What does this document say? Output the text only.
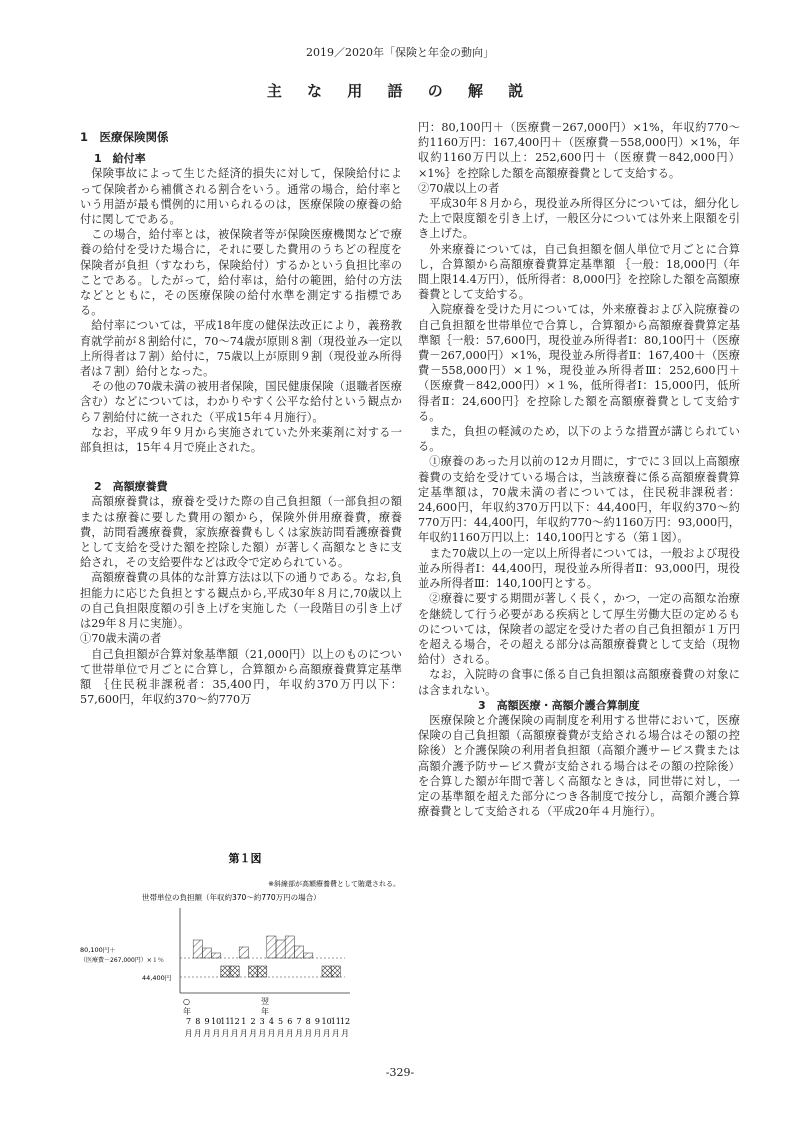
2019／2020年「保険と年金の動向」
主 な 用 語 の 解 説
1　医療保険関係
1　給付率

保険事故によって生じた経済的損失に対して，保険給付によって保険者から補償される割合をいう。通常の場合，給付率という用語が最も慣例的に用いられるのは，医療保険の療養の給付に関してである。

この場合，給付率とは，被保険者等が保険医療機関などで療養の給付を受けた場合に，それに要した費用のうちどの程度を保険者が負担（すなわち，保険給付）するかという負担比率のことである。したがって，給付率は，給付の範囲，給付の方法などとともに，その医療保険の給付水準を測定する指標である。

給付率については，平成18年度の健保法改正により，義務教育就学前が８割給付に，70～74歳が原則８割（現役並み一定以上所得者は７割）給付に，75歳以上が原則９割（現役並み所得者は７割）給付となった。

その他の70歳未満の被用者保険，国民健康保険（退職者医療含む）などについては，わかりやすく公平な給付という観点から７割給付に統一された（平成15年４月施行）。

なお，平成９年９月から実施されていた外来薬剤に対する一部負担は，15年４月で廃止された。

2　高額療養費

高額療養費は，療養を受けた際の自己負担額（一部負担の額または療養に要した費用の額から，保険外併用療養費，療養費，訪問看護療養費，家族療養費もしくは家族訪問看護療養費として支給を受けた額を控除した額）が著しく高額なときに支給され，その支給要件などは政令で定められている。

高額療養費の具体的な計算方法は以下の通りである。なお,負担能力に応じた負担とする観点から,平成30年８月に,70歳以上の自己負担限度額の引き上げを実施した（一段階目の引き上げは29年８月に実施）。

①70歳未満の者

自己負担額が合算対象基準額（21,000円）以上のものについて世帯単位で月ごとに合算し，合算額から高額療養費算定基準額 ｛住民税非課税者：35,400円，年収約370万円以下：57,600円，年収約370～約770万

円：80,100円＋（医療費－267,000円）×1%，年収約770～約1160万円：167,400円＋（医療費－558,000円）×1%，年収約1160万円以上：252,600円＋（医療費－842,000円）×1%｝を控除した額を高額療養費として支給する。

②70歳以上の者

平成30年８月から，現役並み所得区分については，細分化した上で限度額を引き上げ，一般区分については外来上限額を引き上げた。

外来療養については，自己負担額を個人単位で月ごとに合算し，合算額から高額療養費算定基準額 ｛一般：18,000円（年間上限14.4万円），低所得者：8,000円｝を控除した額を高額療養費として支給する。

入院療養を受けた月については，外来療養および入院療養の自己負担額を世帯単位で合算し，合算額から高額療養費算定基準額｛一般：57,600円，現役並み所得者Ⅰ：80,100円＋（医療費－267,000円）×1%，現役並み所得者Ⅱ：167,400＋（医療費－558,000円）×１%，現役並み所得者Ⅲ：252,600円＋（医療費－842,000円）×１%，低所得者Ⅰ：15,000円，低所得者Ⅱ：24,600円｝を控除した額を高額療養費として支給する。

また，負担の軽減のため，以下のような措置が講じられている。

①療養のあった月以前の12カ月間に，すでに３回以上高額療養費の支給を受けている場合は，当該療養に係る高額療養費算定基準額は，70歳未満の者については，住民税非課税者：24,600円，年収約370万円以下：44,400円，年収約370～約770万円：44,400円，年収約770～約1160万円：93,000円，年収約1160万円以上：140,100円とする（第１図）。

また70歳以上の一定以上所得者については，一般および現役並み所得者Ⅰ：44,400円，現役並み所得者Ⅱ：93,000円，現役並み所得者Ⅲ：140,100円とする。

②療養に要する期間が著しく長く，かつ，一定の高額な治療を継続して行う必要がある疾病として厚生労働大臣の定めるものについては，保険者の認定を受けた者の自己負担額が１万円を超える場合，その超える部分は高額療養費として支給（現物給付）される。

なお，入院時の食事に係る自己負担額は高額療養費の対象には含まれない。

3　高額医療・高額介護合算制度

医療保険と介護保険の両制度を利用する世帯において，医療保険の自己負担額（高額療養費が支給される場合はその額の控除後）と介護保険の利用者負担額（高額介護サービス費または高額介護予防サービス費が支給される場合はその額の控除後）を合算した額が年間で著しく高額なときは，同世帯に対し，一定の基準額を超えた部分につき各制度で按分し，高額介護合算療養費として支給される（平成20年４月施行）。

第１図
※斜線部が高額療養費として賄還される。
世帯単位の負担額（年収約370～約770万円の場合）
80,100円＋
（医療費－267,000円）×１％
44,400円
○
年
翌
年
7
月
8
月
9
月
10
月
11
月
12
月
1
月
2
月
3
月
4
月
5
月
6
月
7
月
8
月
9
月
10
月
11
月
12
月
-329-
